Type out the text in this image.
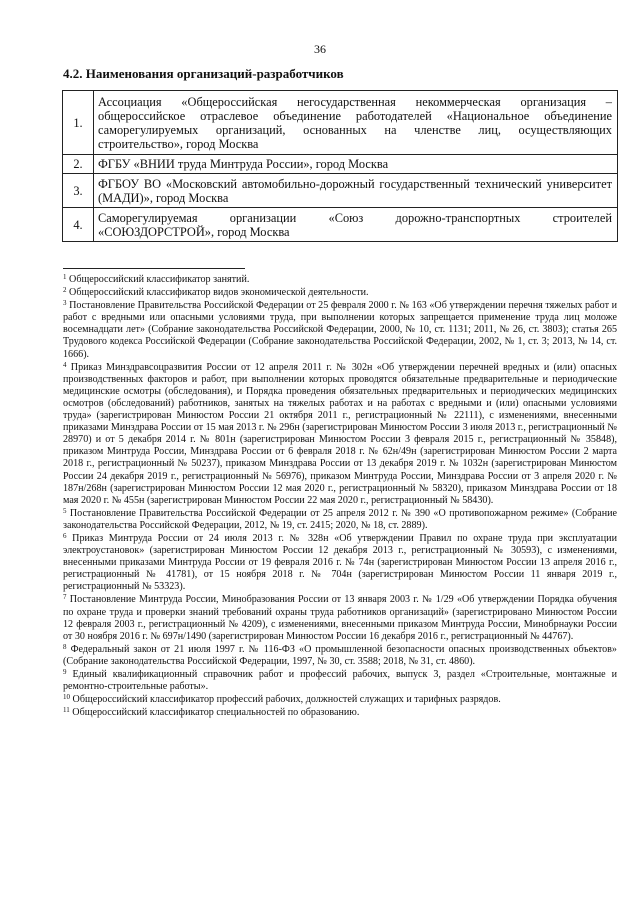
36
4.2. Наименования организаций-разработчиков
1.	Ассоциация «Общероссийская негосударственная некоммерческая организация – общероссийское отраслевое объединение работодателей «Национальное объединение саморегулируемых организаций, основанных на членстве лиц, осуществляющих строительство», город Москва
2.	ФГБУ «ВНИИ труда Минтруда России», город Москва
3.	ФГБОУ ВО «Московский автомобильно-дорожный государственный технический университет (МАДИ)», город Москва
4.	Саморегулируемая организации «Союз дорожно-транспортных строителей «СОЮЗДОРСТРОЙ», город Москва

$^1$ Общероссийский классификатор занятий.

$^2$ Общероссийский классификатор видов экономической деятельности.

$^3$ Постановление Правительства Российской Федерации от 25 февраля 2000 г. № 163 «Об утверждении перечня тяжелых работ и работ с вредными или опасными условиями труда, при выполнении которых запрещается применение труда лиц моложе восемнадцати лет» (Собрание законодательства Российской Федерации, 2000, № 10, ст. 1131; 2011, № 26, ст. 3803); статья 265 Трудового кодекса Российской Федерации (Собрание законодательства Российской Федерации, 2002, № 1, ст. 3; 2013, № 14, ст. 1666).

$^4$ Приказ Минздравсоцразвития России от 12 апреля 2011 г. № 302н «Об утверждении перечней вредных и (или) опасных производственных факторов и работ, при выполнении которых проводятся обязательные предварительные и периодические медицинские осмотры (обследования), и Порядка проведения обязательных предварительных и периодических медицинских осмотров (обследований) работников, занятых на тяжелых работах и на работах с вредными и (или) опасными условиями труда» (зарегистрирован Минюстом России 21 октября 2011 г., регистрационный № 22111), с изменениями, внесенными приказами Минздрава России от 15 мая 2013 г. № 296н (зарегистрирован Минюстом России 3 июля 2013 г., регистрационный № 28970) и от 5 декабря 2014 г. № 801н (зарегистрирован Минюстом России 3 февраля 2015 г., регистрационный № 35848), приказом Минтруда России, Минздрава России от 6 февраля 2018 г. № 62н/49н (зарегистрирован Минюстом России 2 марта 2018 г., регистрационный № 50237), приказом Минздрава России от 13 декабря 2019 г. № 1032н (зарегистрирован Минюстом России 24 декабря 2019 г., регистрационный № 56976), приказом Минтруда России, Минздрава России от 3 апреля 2020 г. № 187н/268н (зарегистрирован Минюстом России 12 мая 2020 г., регистрационный № 58320), приказом Минздрава России от 18 мая 2020 г. № 455н (зарегистрирован Минюстом России 22 мая 2020 г., регистрационный № 58430).

$^5$ Постановление Правительства Российской Федерации от 25 апреля 2012 г. № 390 «О противопожарном режиме» (Собрание законодательства Российской Федерации, 2012, № 19, ст. 2415; 2020, № 18, ст. 2889).

$^6$ Приказ Минтруда России от 24 июля 2013 г. № 328н «Об утверждении Правил по охране труда при эксплуатации электроустановок» (зарегистрирован Минюстом России 12 декабря 2013 г., регистрационный № 30593), с изменениями, внесенными приказами Минтруда России от 19 февраля 2016 г. № 74н (зарегистрирован Минюстом России 13 апреля 2016 г., регистрационный № 41781), от 15 ноября 2018 г. № 704н (зарегистрирован Минюстом России 11 января 2019 г., регистрационный № 53323).

$^7$ Постановление Минтруда России, Минобразования России от 13 января 2003 г. № 1/29 «Об утверждении Порядка обучения по охране труда и проверки знаний требований охраны труда работников организаций» (зарегистрировано Минюстом России 12 февраля 2003 г., регистрационный № 4209), с изменениями, внесенными приказом Минтруда России, Минобрнауки России от 30 ноября 2016 г. № 697н/1490 (зарегистрирован Минюстом России 16 декабря 2016 г., регистрационный № 44767).

$^8$ Федеральный закон от 21 июля 1997 г. № 116-ФЗ «О промышленной безопасности опасных производственных объектов» (Собрание законодательства Российской Федерации, 1997, № 30, ст. 3588; 2018, № 31, ст. 4860).

$^9$ Единый квалификационный справочник работ и профессий рабочих, выпуск 3, раздел «Строительные, монтажные и ремонтно-строительные работы».

$^{10}$ Общероссийский классификатор профессий рабочих, должностей служащих и тарифных разрядов.

$^{11}$ Общероссийский классификатор специальностей по образованию.
